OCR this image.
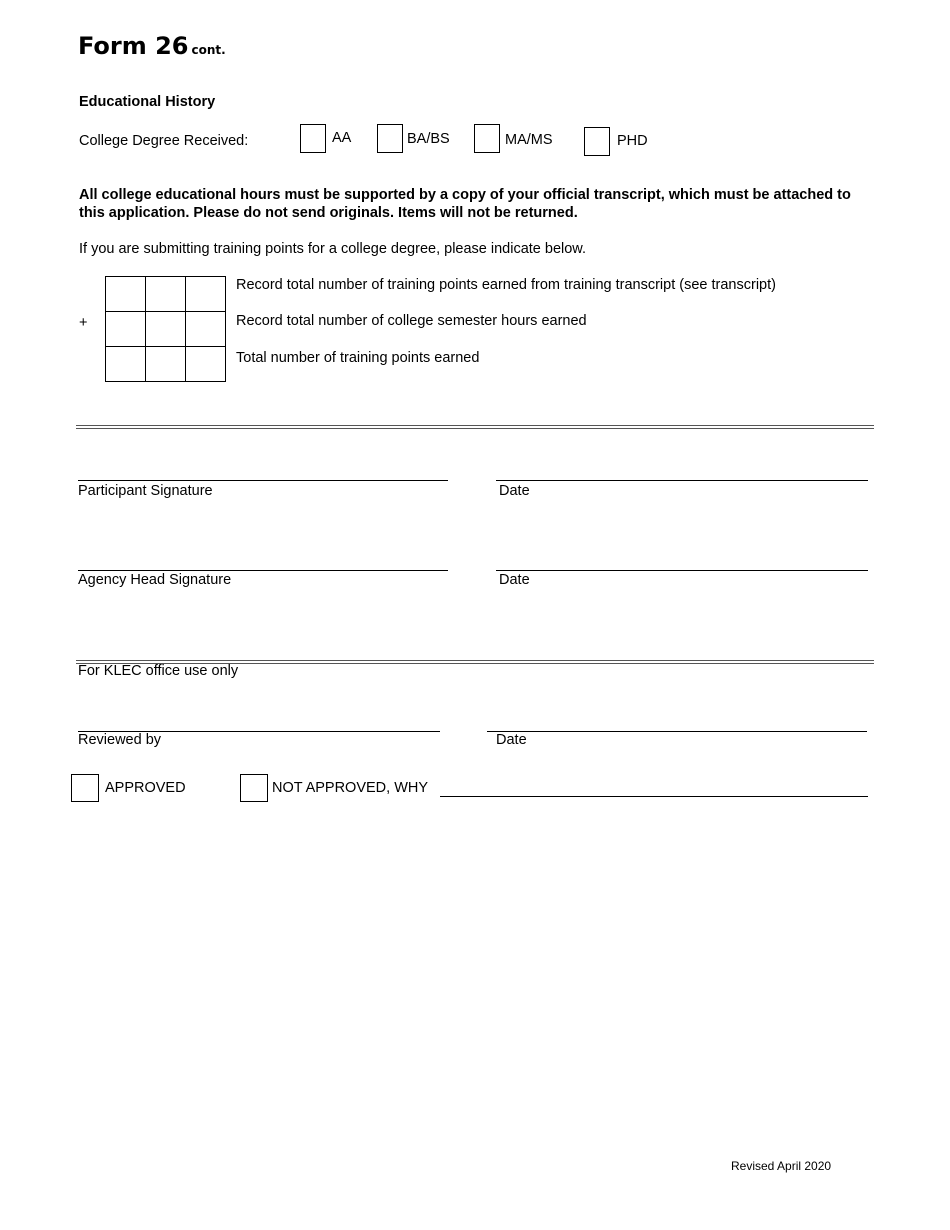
Form 26 cont.
Educational History
College Degree Received:	AA	BA/BS	MA/MS	PHD
All college educational hours must be supported by a copy of your official transcript, which must be attached to this application. Please do not send originals. Items will not be returned.
If you are submitting training points for a college degree, please indicate below.

+
Record total number of training points earned from training transcript (see transcript)
Record total number of college semester hours earned
Total number of training points earned
Participant Signature	Date
Agency Head Signature	Date
For KLEC office use only
Reviewed by	Date
APPROVED	NOT APPROVED, WHY
Revised April 2020
